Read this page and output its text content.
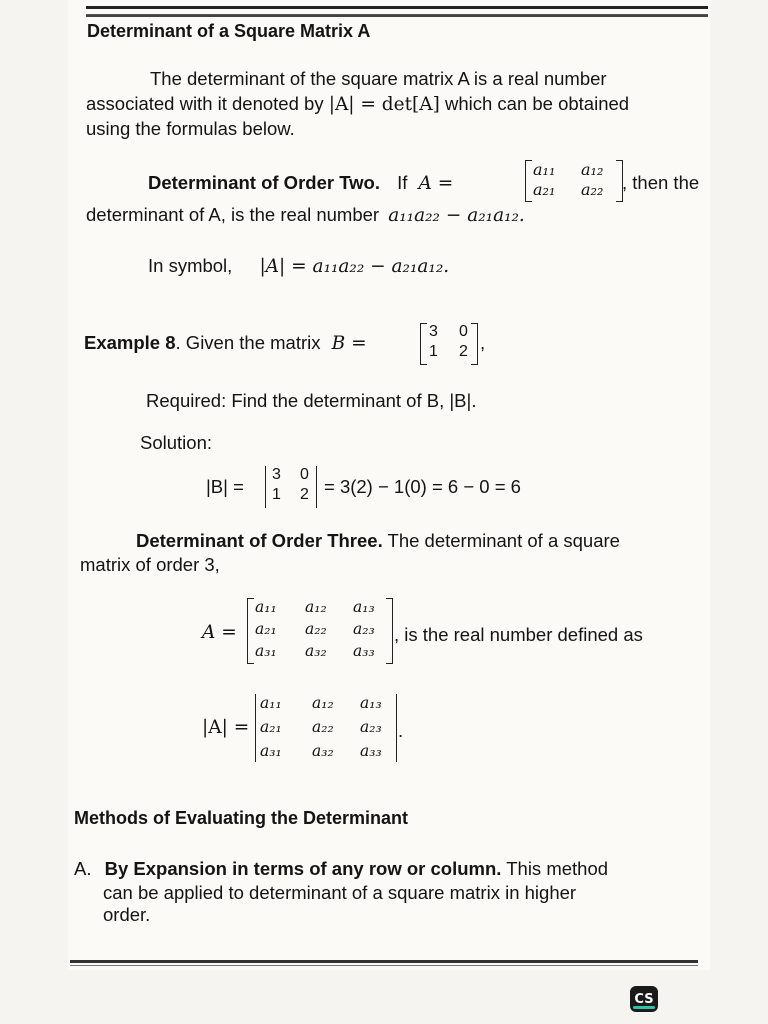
Determinant of a Square Matrix A
The determinant of the square matrix A is a real number
associated with it denoted by |A| = det[A] which can be obtained
using the formulas below.
Determinant of Order Two. If A =
a₁₁ a₁₂
a₂₁ a₂₂ , then the
determinant of A, is the real number a₁₁a₂₂ − a₂₁a₁₂.
In symbol, |A| = a₁₁a₂₂ − a₂₁a₁₂.
Example 8. Given the matrix B =
3 0
1 2 ,
Required: Find the determinant of B, |B|.
Solution:
|B| =
3 0
1 2 = 3(2) − 1(0) = 6 − 0 = 6
Determinant of Order Three. The determinant of a square
matrix of order 3,
A =
a₁₁ a₁₂ a₁₃
a₂₁ a₂₂ a₂₃
a₃₁ a₃₂ a₃₃
, is the real number defined as
|A| =
a₁₁ a₁₂ a₁₃
a₂₁ a₂₂ a₂₃
a₃₁ a₃₂ a₃₃
.
Methods of Evaluating the Determinant
A. By Expansion in terms of any row or column. This method
can be applied to determinant of a square matrix in higher
order.
CS
